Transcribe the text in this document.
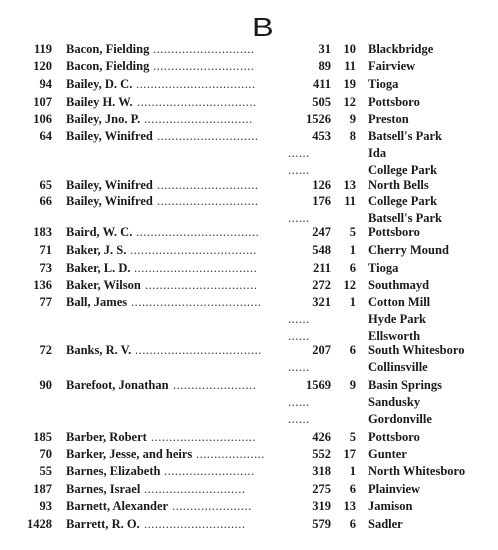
B
119 Bacon, Fielding ............................	31	10 Blackbridge
120 Bacon, Fielding ............................	89	11 Fairview
94 Bailey, D. C. .................................	411	19 Tioga
107 Bailey H. W. .................................	505	12 Pottsboro
106 Bailey, Jno. P. ..............................	1526	9 Preston
64 Bailey, Winifred ............................	453	8 Batsell's Park
......	Ida
......	College Park
65 Bailey, Winifred ............................	126	13 North Bells
66 Bailey, Winifred ............................	176	11 College Park
......	Batsell's Park
183 Baird, W. C. ..................................	247	5 Pottsboro
71 Baker, J. S. ...................................	548	1 Cherry Mound
73 Baker, L. D. ..................................	211	6 Tioga
136 Baker, Wilson ...............................	272	12 Southmayd
77 Ball, James ....................................	321	1 Cotton Mill
......	Hyde Park
......	Ellsworth
72 Banks, R. V. ...................................	207	6 South Whitesboro
......	Collinsville
90 Barefoot, Jonathan .......................	1569	9 Basin Springs
......	Sandusky
......	Gordonville
185 Barber, Robert .............................	426	5 Pottsboro
70 Barker, Jesse, and heirs ...................	552	17 Gunter
55 Barnes, Elizabeth .........................	318	1 North Whitesboro
187 Barnes, Israel ............................	275	6 Plainview
93 Barnett, Alexander ......................	319	13 Jamison
1428 Barrett, R. O. ............................	579	6 Sadler
